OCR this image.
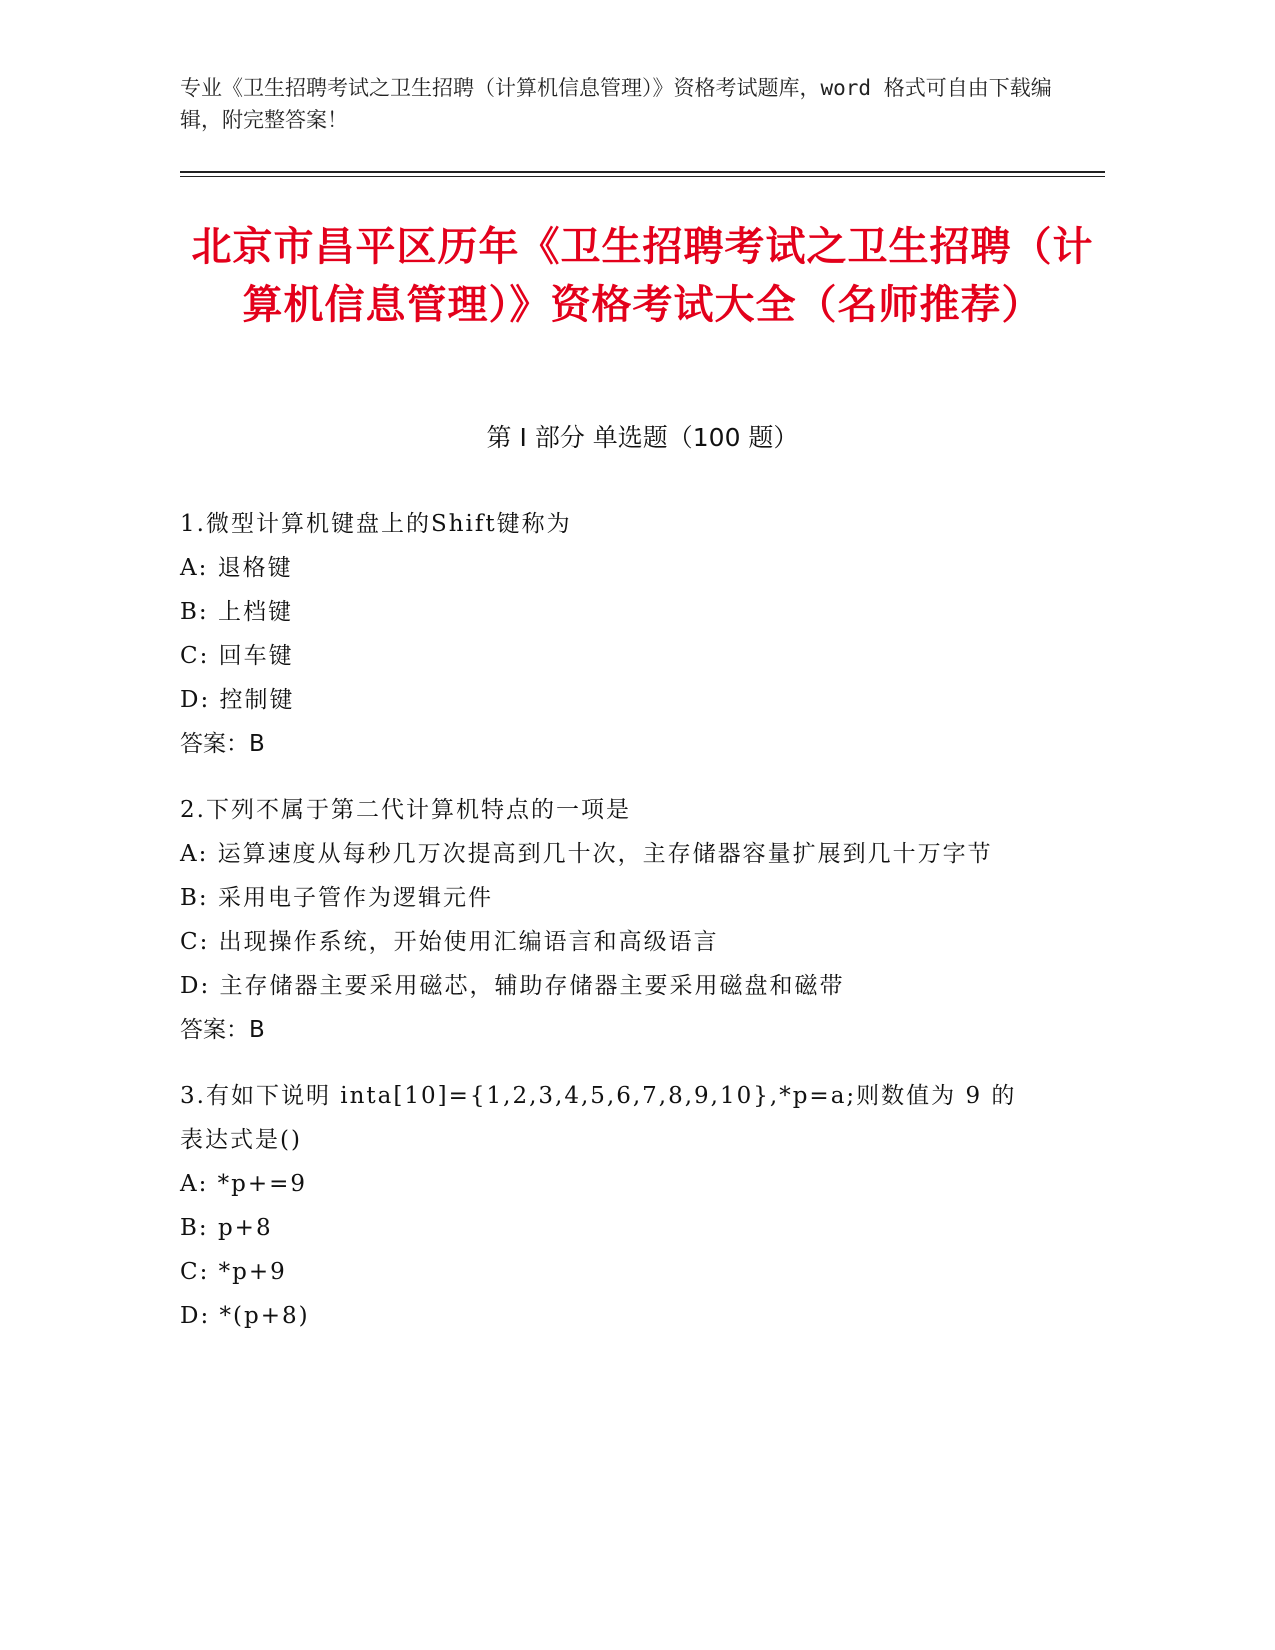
专业《卫生招聘考试之卫生招聘（计算机信息管理）》资格考试题库，word 格式可自由下载编辑，附完整答案！
北京市昌平区历年《卫生招聘考试之卫生招聘（计算机信息管理）》资格考试大全（名师推荐）
第 I 部分 单选题（100 题）
1.微型计算机键盘上的Shift键称为
A: 退格键
B: 上档键
C: 回车键
D: 控制键
答案：B
2.下列不属于第二代计算机特点的一项是
A: 运算速度从每秒几万次提高到几十次，主存储器容量扩展到几十万字节
B: 采用电子管作为逻辑元件
C: 出现操作系统，开始使用汇编语言和高级语言
D: 主存储器主要采用磁芯，辅助存储器主要采用磁盘和磁带
答案：B
3.有如下说明 inta[10]={1,2,3,4,5,6,7,8,9,10},*p=a;则数值为 9 的表达式是()
A: *p+=9
B: p+8
C: *p+9
D: *(p+8)
